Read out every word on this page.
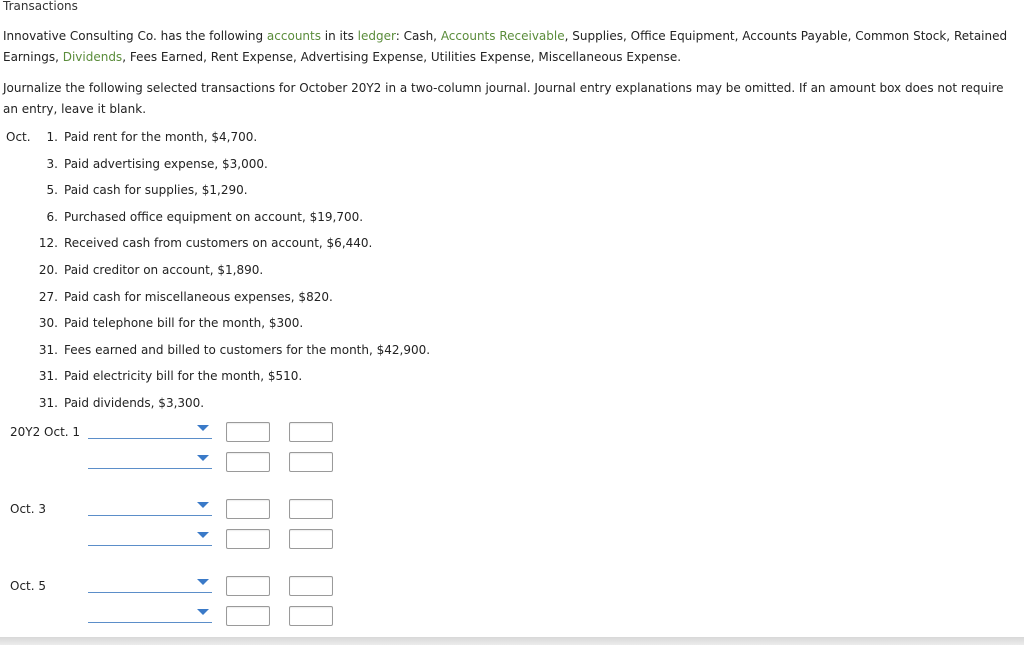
Transactions
Innovative Consulting Co. has the following accounts in its ledger: Cash, Accounts Receivable, Supplies, Office Equipment, Accounts Payable, Common Stock, Retained Earnings, Dividends, Fees Earned, Rent Expense, Advertising Expense, Utilities Expense, Miscellaneous Expense.
Journalize the following selected transactions for October 20Y2 in a two-column journal. Journal entry explanations may be omitted. If an amount box does not require an entry, leave it blank.
Oct. 1. Paid rent for the month, $4,700.
3. Paid advertising expense, $3,000.
5. Paid cash for supplies, $1,290.
6. Purchased office equipment on account, $19,700.
12. Received cash from customers on account, $6,440.
20. Paid creditor on account, $1,890.
27. Paid cash for miscellaneous expenses, $820.
30. Paid telephone bill for the month, $300.
31. Fees earned and billed to customers for the month, $42,900.
31. Paid electricity bill for the month, $510.
31. Paid dividends, $3,300.
20Y2 Oct. 1
Oct. 3
Oct. 5
